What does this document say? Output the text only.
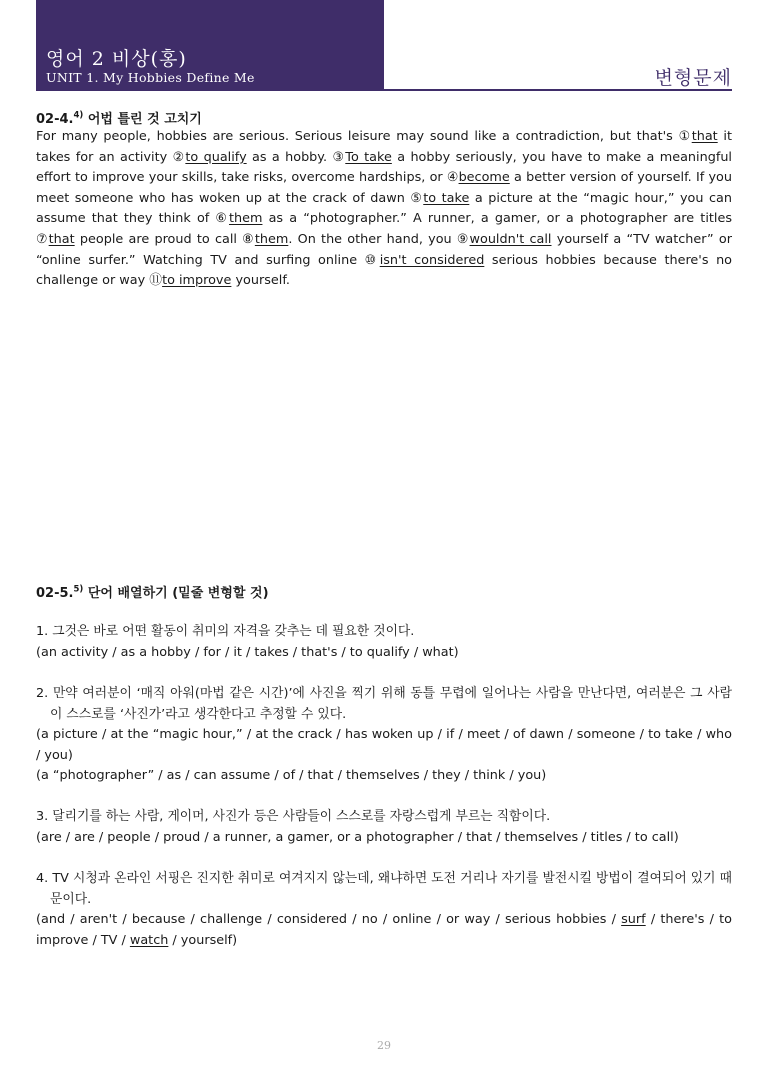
영어 2 비상(홍)
UNIT 1. My Hobbies Define Me	변형문제
02-4.$^{4)}$ 어법 틀린 것 고치기
For many people, hobbies are serious. Serious leisure may sound like a contradiction, but that's ①that it takes for an activity ②to qualify as a hobby. ③To take a hobby seriously, you have to make a meaningful effort to improve your skills, take risks, overcome hardships, or ④become a better version of yourself. If you meet someone who has woken up at the crack of dawn ⑤to take a picture at the “magic hour,” you can assume that they think of ⑥them as a “photographer.” A runner, a gamer, or a photographer are titles ⑦that people are proud to call ⑧them. On the other hand, you ⑨wouldn't call yourself a “TV watcher” or “online surfer.” Watching TV and surfing online ⑩isn't considered serious hobbies because there's no challenge or way ⑪to improve yourself.
02-5.$^{5)}$ 단어 배열하기 (밑줄 변형할 것)
1. 그것은 바로 어떤 활동이 취미의 자격을 갖추는 데 필요한 것이다.
(an activity / as a hobby / for / it / takes / that's / to qualify / what)
2. 만약 여러분이 ‘매직 아워(마법 같은 시간)’에 사진을 찍기 위해 동틀 무렵에 일어나는 사람을 만난다면, 여러분은 그 사람이 스스로를 ‘사진가’라고 생각한다고 추정할 수 있다.
(a picture / at the “magic hour,” / at the crack / has woken up / if / meet / of dawn / someone / to take / who / you)
(a “photographer” / as / can assume / of / that / themselves / they / think / you)
3. 달리기를 하는 사람, 게이머, 사진가 등은 사람들이 스스로를 자랑스럽게 부르는 직함이다.
(are / are / people / proud / a runner, a gamer, or a photographer / that / themselves / titles / to call)
4. TV 시청과 온라인 서핑은 진지한 취미로 여겨지지 않는데, 왜냐하면 도전 거리나 자기를 발전시킬 방법이 결여되어 있기 때문이다.
(and / aren't / because / challenge / considered / no / online / or way / serious hobbies / surf / there's / to improve / TV / watch / yourself)
29
